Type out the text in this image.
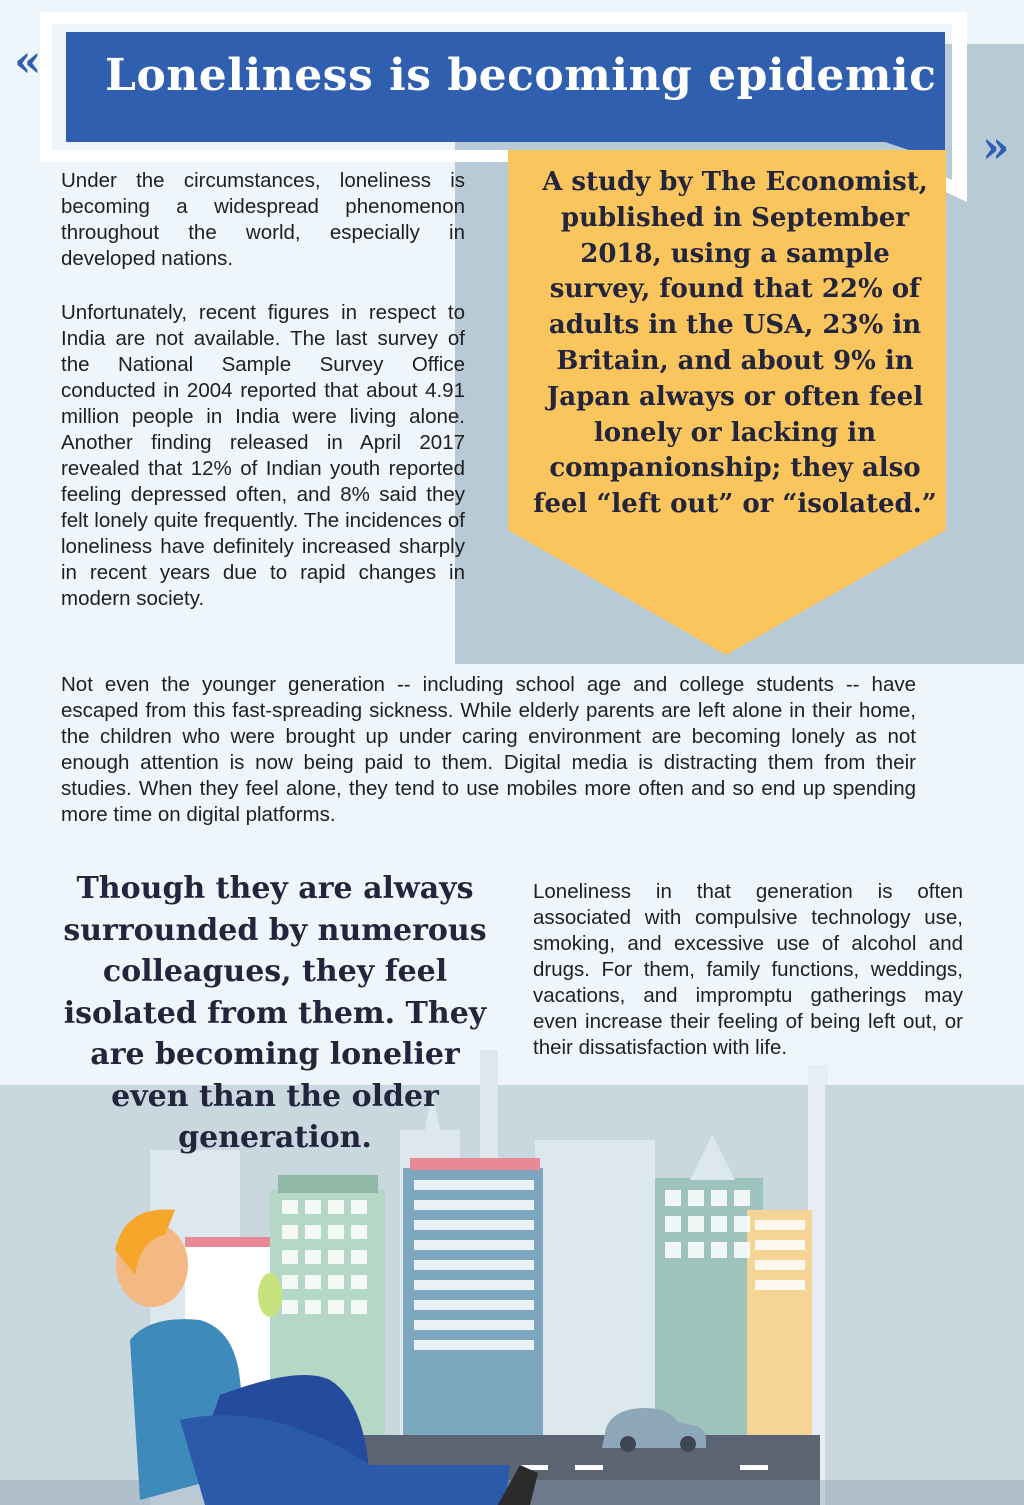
«
»
Loneliness is becoming epidemic
Under the circumstances, loneliness is becoming a widespread phenomenon throughout the world, especially in developed nations.
Unfortunately, recent figures in respect to India are not available. The last survey of the National Sample Survey Office conducted in 2004 reported that about 4.91 million people in India were living alone. Another finding released in April 2017 revealed that 12% of Indian youth reported feeling depressed often, and 8% said they felt lonely quite frequently. The incidences of loneliness have definitely increased sharply in recent years due to rapid changes in modern society.
A study by The Economist, published in September 2018, using a sample survey, found that 22% of adults in the USA, 23% in Britain, and about 9% in Japan always or often feel lonely or lacking in companionship; they also feel “left out” or “isolated.”
Not even the younger generation -- including school age and college students -- have escaped from this fast-spreading sickness. While elderly parents are left alone in their home, the children who were brought up under caring environment are becoming lonely as not enough attention is now being paid to them. Digital media is distracting them from their studies. When they feel alone, they tend to use mobiles more often and so end up spending more time on digital platforms.
Though they are always surrounded by numerous colleagues, they feel isolated from them. They are becoming lonelier even than the older generation.
Loneliness in that generation is often associated with compulsive technology use, smoking, and excessive use of alcohol and drugs. For them, family functions, weddings, vacations, and impromptu gatherings may even increase their feeling of being left out, or their dissatisfaction with life.
